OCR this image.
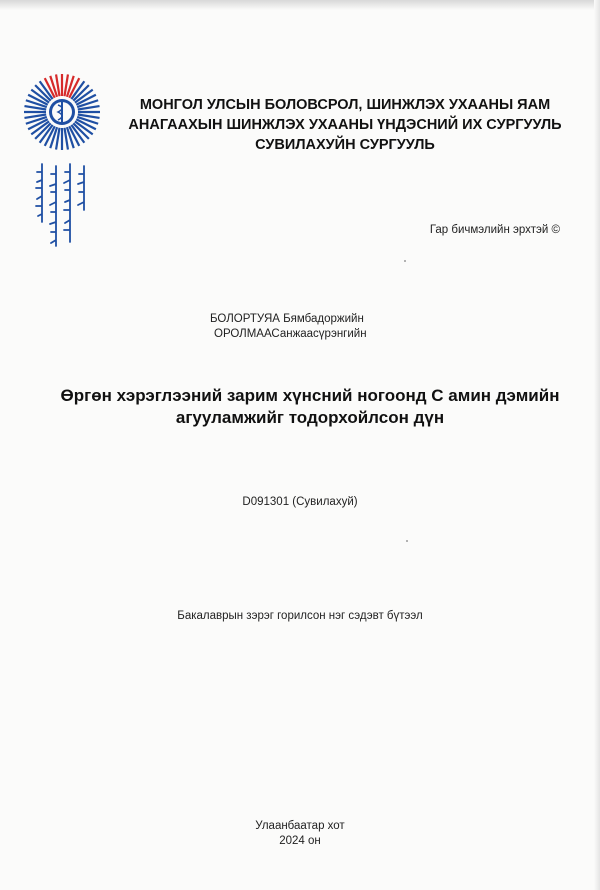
МОНГОЛ УЛСЫН БОЛОВСРОЛ, ШИНЖЛЭХ УХААНЫ ЯАМ
АНАГААХЫН ШИНЖЛЭХ УХААНЫ ҮНДЭСНИЙ ИХ СУРГУУЛЬ
СУВИЛАХУЙН СУРГУУЛЬ
Гар бичмэлийн эрхтэй ©
БОЛОРТУЯА Бямбадоржийн
ОРОЛМААСанжаасүрэнгийн
Өргөн хэрэглээний зарим хүнсний ногоонд С амин дэмийн
агууламжийг тодорхойлсон дүн
D091301 (Сувилахуй)
Бакалаврын зэрэг горилсон нэг сэдэвт бүтээл
Улаанбаатар хот
2024 он
